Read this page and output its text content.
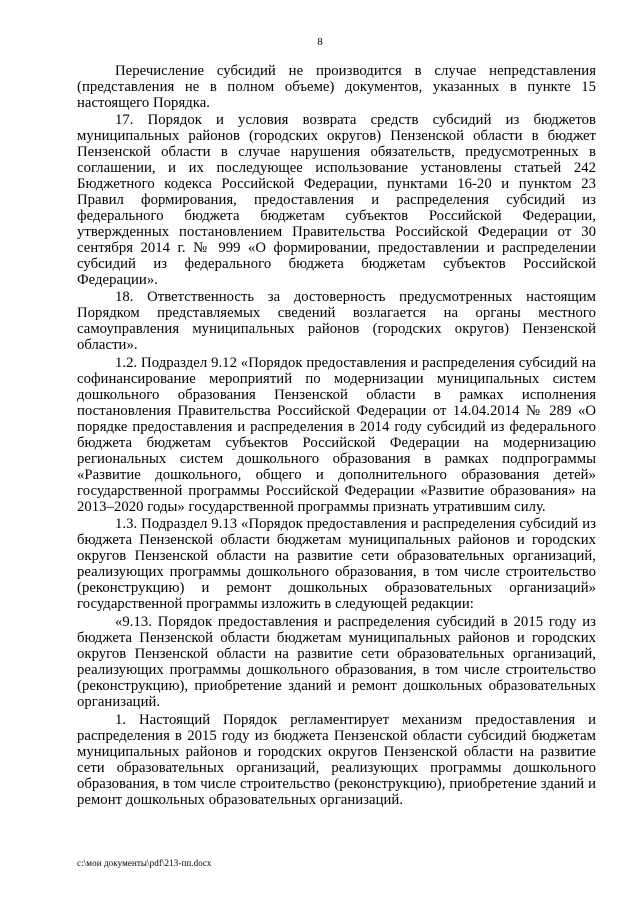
8

Перечисление субсидий не производится в случае непредставления (представления не в полном объеме) документов, указанных в пункте 15 настоящего Порядка.

17. Порядок и условия возврата средств субсидий из бюджетов муниципальных районов (городских округов) Пензенской области в бюджет Пензенской области в случае нарушения обязательств, предусмотренных в соглашении, и их последующее использование установлены статьей 242 Бюджетного кодекса Российской Федерации, пунктами 16-20 и пунктом 23 Правил формирования, предоставления и распределения субсидий из федерального бюджета бюджетам субъектов Российской Федерации, утвержденных постановлением Правительства Российской Федерации от 30 сентября 2014 г. № 999 «О формировании, предоставлении и распределении субсидий из федерального бюджета бюджетам субъектов Российской Федерации».

18. Ответственность за достоверность предусмотренных настоящим Порядком представляемых сведений возлагается на органы местного самоуправления муниципальных районов (городских округов) Пензенской области».

1.2. Подраздел 9.12 «Порядок предоставления и распределения субсидий на софинансирование мероприятий по модернизации муниципальных систем дошкольного образования Пензенской области в рамках исполнения постановления Правительства Российской Федерации от 14.04.2014 № 289 «О порядке предоставления и распределения в 2014 году субсидий из федерального бюджета бюджетам субъектов Российской Федерации на модернизацию региональных систем дошкольного образования в рамках подпрограммы «Развитие дошкольного, общего и дополнительного образования детей» государственной программы Российской Федерации «Развитие образования» на 2013–2020 годы» государственной программы признать утратившим силу.

1.3. Подраздел 9.13 «Порядок предоставления и распределения субсидий из бюджета Пензенской области бюджетам муниципальных районов и городских округов Пензенской области на развитие сети образовательных организаций, реализующих программы дошкольного образования, в том числе строительство (реконструкцию) и ремонт дошкольных образовательных организаций» государственной программы изложить в следующей редакции:

«9.13. Порядок предоставления и распределения субсидий в 2015 году из бюджета Пензенской области бюджетам муниципальных районов и городских округов Пензенской области на развитие сети образовательных организаций, реализующих программы дошкольного образования, в том числе строительство (реконструкцию), приобретение зданий и ремонт дошкольных образовательных организаций.

1. Настоящий Порядок регламентирует механизм предоставления и распределения в 2015 году из бюджета Пензенской области субсидий бюджетам муниципальных районов и городских округов Пензенской области на развитие сети образовательных организаций, реализующих программы дошкольного образования, в том числе строительство (реконструкцию), приобретение зданий и ремонт дошкольных образовательных организаций.

c:\мои документы\pdf\213-пп.docx
